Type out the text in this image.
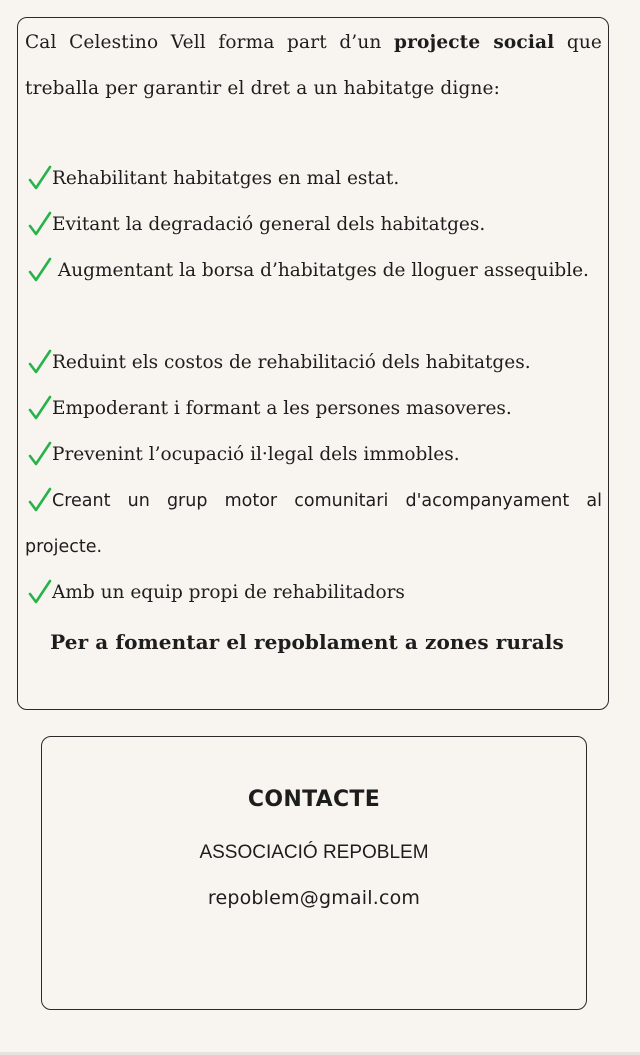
Cal Celestino Vell forma part d’un projecte social que treballa per garantir el dret a un habitatge digne:

Rehabilitant habitatges en mal estat.

Evitant la degradació general dels habitatges.

Augmentant la borsa d’habitatges de lloguer assequible.

Reduint els costos de rehabilitació dels habitatges.

Empoderant i formant a les persones masoveres.

Prevenint l’ocupació il·legal dels immobles.

Creant un grup motor comunitari d'acompanyament al projecte.

Amb un equip propi de rehabilitadors

Per a fomentar el repoblament a zones rurals
CONTACTE
ASSOCIACIÓ REPOBLEM
repoblem@gmail.com
